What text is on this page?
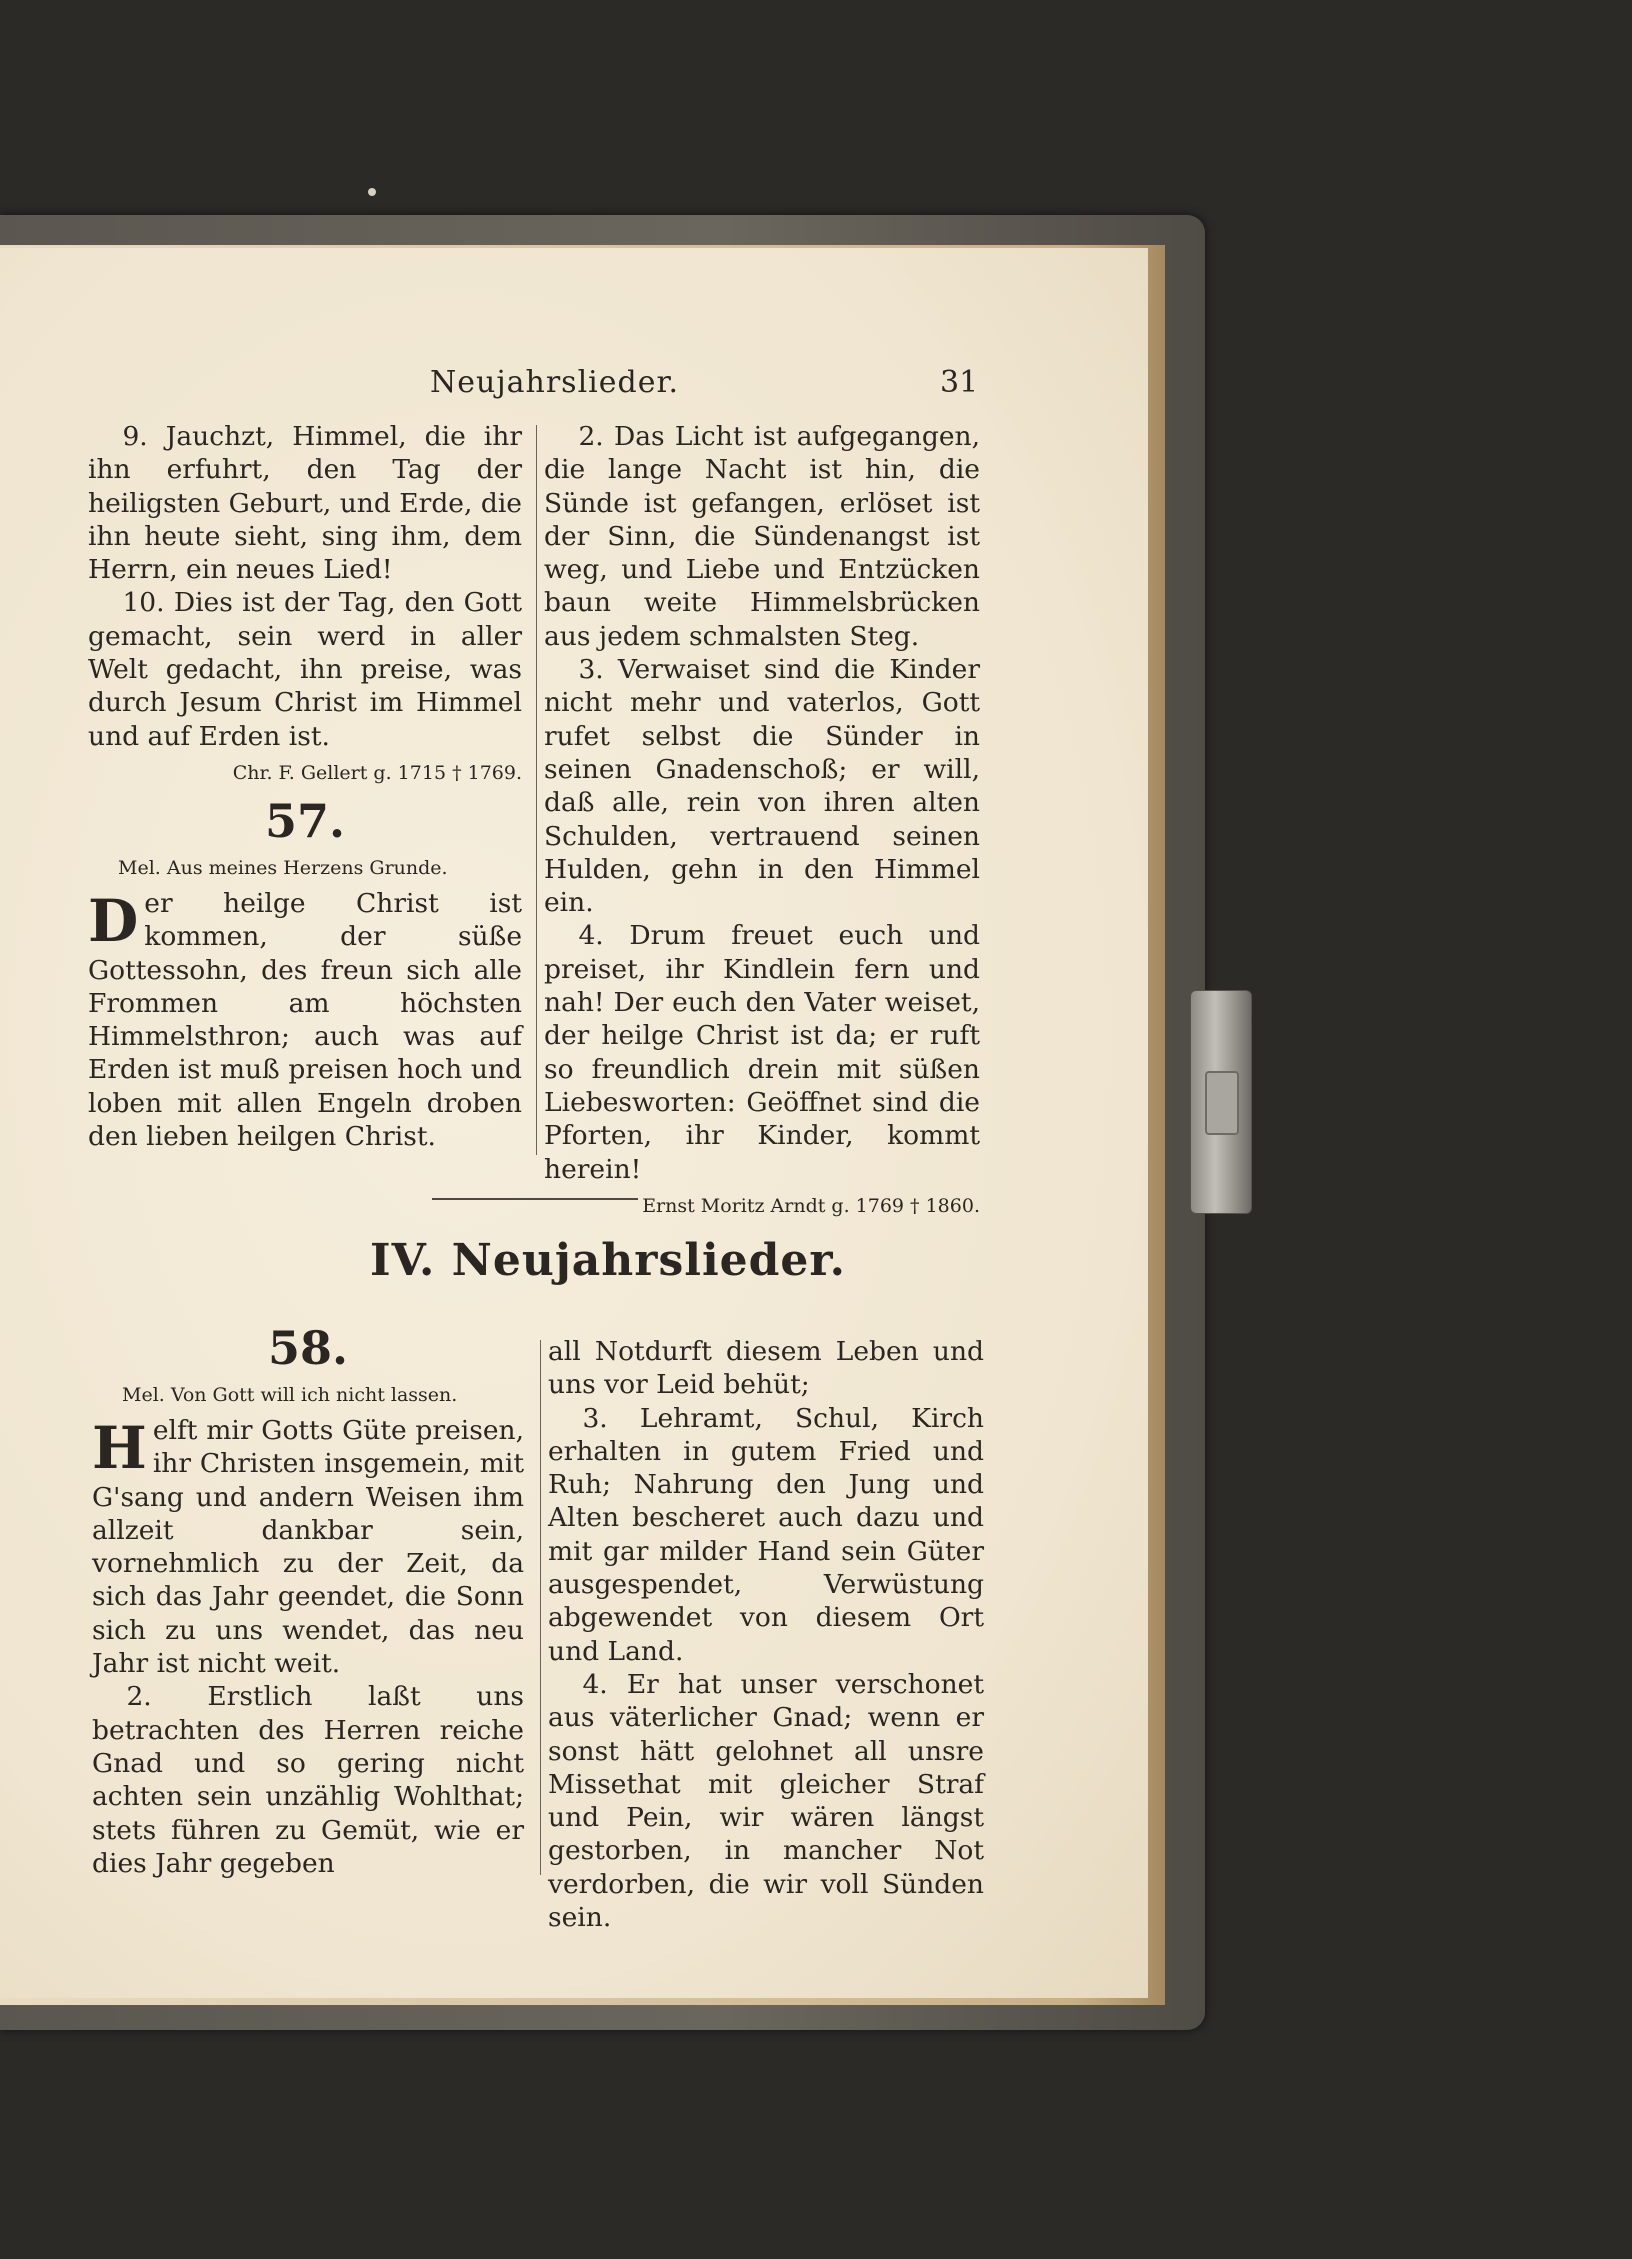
Neujahrslieder.	31

9. Jauchzt, Himmel, die ihr ihn erfuhrt, den Tag der heiligsten Geburt, und Erde, die ihn heute sieht, sing ihm, dem Herrn, ein neues Lied!

10. Dies ist der Tag, den Gott gemacht, sein werd in aller Welt gedacht, ihn preise, was durch Jesum Christ im Himmel und auf Erden ist.

Chr. F. Gellert g. 1715 † 1769.

57.

Mel. Aus meines Herzens Grunde.

Der heilge Christ ist kommen, der süße Gottessohn, des freun sich alle Frommen am höchsten Himmelsthron; auch was auf Erden ist muß preisen hoch und loben mit allen Engeln droben den lieben heilgen Christ.

2. Das Licht ist aufgegangen, die lange Nacht ist hin, die Sünde ist gefangen, erlöset ist der Sinn, die Sündenangst ist weg, und Liebe und Entzücken baun weite Himmelsbrücken aus jedem schmalsten Steg.

3. Verwaiset sind die Kinder nicht mehr und vaterlos, Gott rufet selbst die Sünder in seinen Gnadenschoß; er will, daß alle, rein von ihren alten Schulden, vertrauend seinen Hulden, gehn in den Himmel ein.

4. Drum freuet euch und preiset, ihr Kindlein fern und nah! Der euch den Vater weiset, der heilge Christ ist da; er ruft so freundlich drein mit süßen Liebesworten: Geöffnet sind die Pforten, ihr Kinder, kommt herein!

Ernst Moritz Arndt g. 1769 † 1860.

IV. Neujahrslieder.

58.

Mel. Von Gott will ich nicht lassen.

Helft mir Gotts Güte preisen, ihr Christen insgemein, mit G'sang und andern Weisen ihm allzeit dankbar sein, vornehmlich zu der Zeit, da sich das Jahr geendet, die Sonn sich zu uns wendet, das neu Jahr ist nicht weit.

2. Erstlich laßt uns betrachten des Herren reiche Gnad und so gering nicht achten sein unzählig Wohlthat; stets führen zu Gemüt, wie er dies Jahr gegeben

all Notdurft diesem Leben und uns vor Leid behüt;

3. Lehramt, Schul, Kirch erhalten in gutem Fried und Ruh; Nahrung den Jung und Alten bescheret auch dazu und mit gar milder Hand sein Güter ausgespendet, Verwüstung abgewendet von diesem Ort und Land.

4. Er hat unser verschonet aus väterlicher Gnad; wenn er sonst hätt gelohnet all unsre Missethat mit gleicher Straf und Pein, wir wären längst gestorben, in mancher Not verdorben, die wir voll Sünden sein.
